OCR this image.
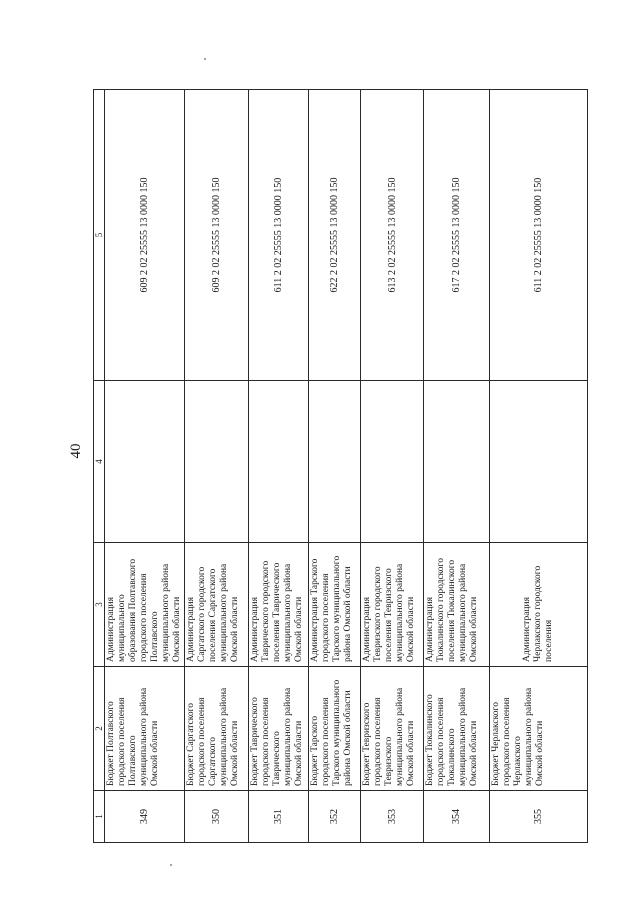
40
1	2	3	4	5
349	Бюджет Полтавского городского поселения Полтавского муниципального района Омской области	Администрация муниципального образования Полтавского городского поселения Полтавского муниципального района Омской области		609 2 02 25555 13 0000 150
350	Бюджет Саргатского городского поселения Саргатского муниципального района Омской области	Администрация Саргатского городского поселения Саргатского муниципального района Омской области		609 2 02 25555 13 0000 150
351	Бюджет Таврического городского поселения Таврического муниципального района Омской области	Администрация Таврического городского поселения Таврического муниципального района Омской области		611 2 02 25555 13 0000 150
352	Бюджет Тарского городского поселения Тарского муниципального района Омской области	Администрация Тарского городского поселения Тарского муниципального района Омской области		622 2 02 25555 13 0000 150
353	Бюджет Тевризского городского поселения Тевризского муниципального района Омской области	Администрация Тевризского городского поселения Тевризского муниципального района Омской области		613 2 02 25555 13 0000 150
354	Бюджет Тюкалинского городского поселения Тюкалинского муниципального района Омской области	Администрация Тюкалинского городского поселения Тюкалинского муниципального района Омской области		617 2 02 25555 13 0000 150
355	Бюджет Черлакского городского поселения Черлакского муниципального района Омской области	Администрация Черлакского городского поселения		611 2 02 25555 13 0000 150
